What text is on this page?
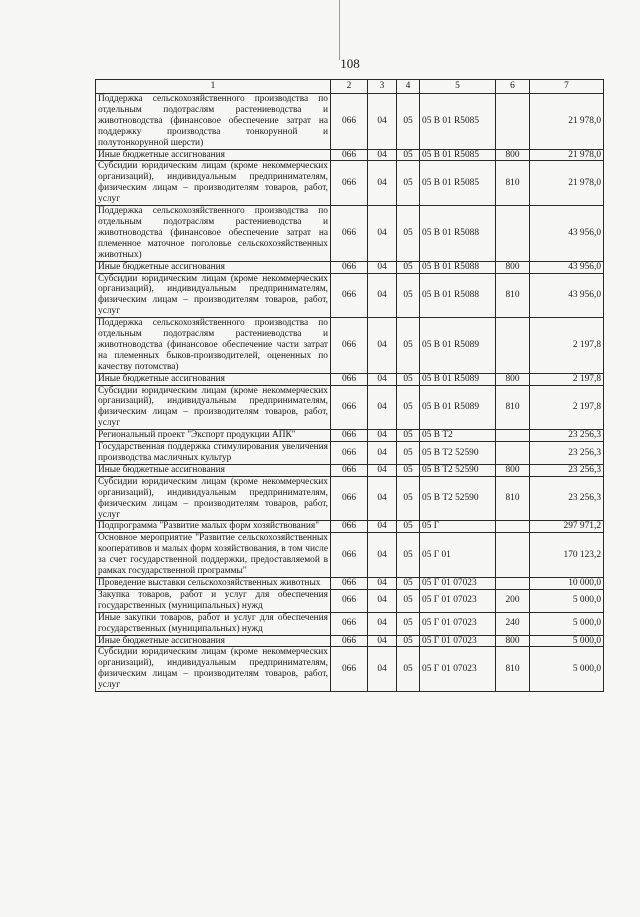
108
1	2	3	4	5	6	7
Поддержка сельскохозяйственного производства по отдельным подотраслям растениеводства и животноводства (финансовое обеспечение затрат на поддержку производства тонкорунной и полутонкорунной шерсти)	066	04	05	05 В 01 R5085		21 978,0
Иные бюджетные ассигнования	066	04	05	05 В 01 R5085	800	21 978,0
Субсидии юридическим лицам (кроме некоммерческих организаций), индивидуальным предпринимателям, физическим лицам – производителям товаров, работ, услуг	066	04	05	05 В 01 R5085	810	21 978,0
Поддержка сельскохозяйственного производства по отдельным подотраслям растениеводства и животноводства (финансовое обеспечение затрат на племенное маточное поголовье сельскохозяйственных животных)	066	04	05	05 В 01 R5088		43 956,0
Иные бюджетные ассигнования	066	04	05	05 В 01 R5088	800	43 956,0
Субсидии юридическим лицам (кроме некоммерческих организаций), индивидуальным предпринимателям, физическим лицам – производителям товаров, работ, услуг	066	04	05	05 В 01 R5088	810	43 956,0
Поддержка сельскохозяйственного производства по отдельным подотраслям растениеводства и животноводства (финансовое обеспечение части затрат на племенных быков-производителей, оцененных по качеству потомства)	066	04	05	05 В 01 R5089		2 197,8
Иные бюджетные ассигнования	066	04	05	05 В 01 R5089	800	2 197,8
Субсидии юридическим лицам (кроме некоммерческих организаций), индивидуальным предпринимателям, физическим лицам – производителям товаров, работ, услуг	066	04	05	05 В 01 R5089	810	2 197,8
Региональный проект "Экспорт продукции АПК"	066	04	05	05 В T2		23 256,3
Государственная поддержка стимулирования увеличения производства масличных культур	066	04	05	05 В T2 52590		23 256,3
Иные бюджетные ассигнования	066	04	05	05 В T2 52590	800	23 256,3
Субсидии юридическим лицам (кроме некоммерческих организаций), индивидуальным предпринимателям, физическим лицам – производителям товаров, работ, услуг	066	04	05	05 В T2 52590	810	23 256,3
Подпрограмма "Развитие малых форм хозяйствования"	066	04	05	05 Г		297 971,2
Основное мероприятие "Развитие сельскохозяйственных кооперативов и малых форм хозяйствования, в том числе за счет государственной поддержки, предоставляемой в рамках государственной программы"	066	04	05	05 Г 01		170 123,2
Проведение выставки сельскохозяйственных животных	066	04	05	05 Г 01 07023		10 000,0
Закупка товаров, работ и услуг для обеспечения государственных (муниципальных) нужд	066	04	05	05 Г 01 07023	200	5 000,0
Иные закупки товаров, работ и услуг для обеспечения государственных (муниципальных) нужд	066	04	05	05 Г 01 07023	240	5 000,0
Иные бюджетные ассигнования	066	04	05	05 Г 01 07023	800	5 000,0
Субсидии юридическим лицам (кроме некоммерческих организаций), индивидуальным предпринимателям, физическим лицам – производителям товаров, работ, услуг	066	04	05	05 Г 01 07023	810	5 000,0
